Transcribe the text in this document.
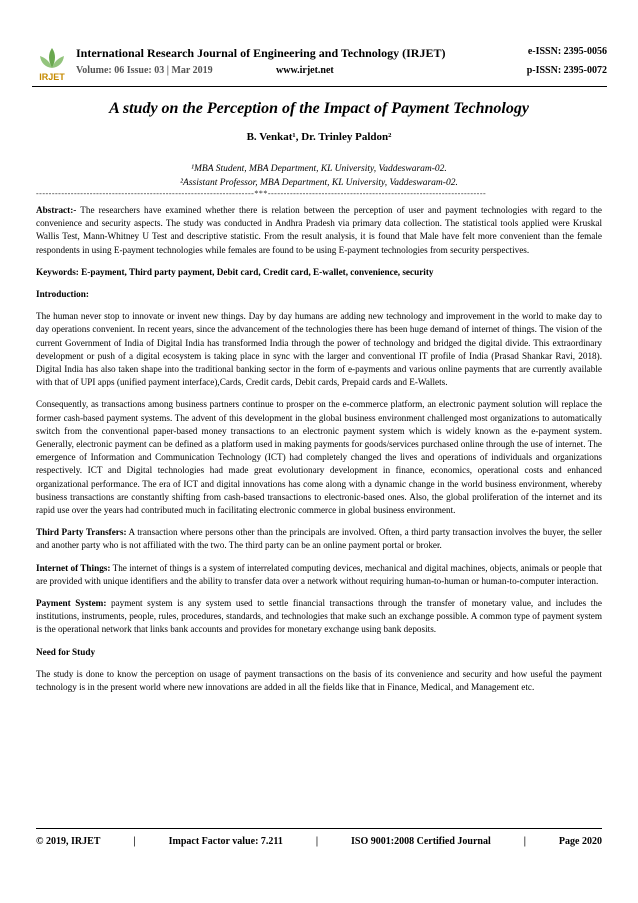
IRJET
International Research Journal of Engineering and Technology (IRJET)	e-ISSN: 2395-0056
Volume: 06 Issue: 03 | Mar 2019	www.irjet.net	p-ISSN: 2395-0072
A study on the Perception of the Impact of Payment Technology
B. Venkat¹, Dr. Trinley Paldon²
¹MBA Student, MBA Department, KL University, Vaddeswaram-02.
²Assistant Professor, MBA Department, KL University, Vaddeswaram-02.
---------------------------------------------------------------------***---------------------------------------------------------------------

Abstract:- The researchers have examined whether there is relation between the perception of user and payment technologies with regard to the convenience and security aspects. The study was conducted in Andhra Pradesh via primary data collection. The statistical tools applied were Kruskal Wallis Test, Mann-Whitney U Test and descriptive statistic. From the result analysis, it is found that Male have felt more convenient than the female respondents in using E-payment technologies while females are found to be using E-payment technologies from security perspectives.

Keywords: E-payment, Third party payment, Debit card, Credit card, E-wallet, convenience, security

Introduction:

The human never stop to innovate or invent new things. Day by day humans are adding new technology and improvement in the world to make day to day operations convenient. In recent years, since the advancement of the technologies there has been huge demand of internet of things. The vision of the current Government of India of Digital India has transformed India through the power of technology and bridged the digital divide. This extraordinary development or push of a digital ecosystem is taking place in sync with the larger and conventional IT profile of India (Prasad Shankar Ravi, 2018). Digital India has also taken shape into the traditional banking sector in the form of e-payments and various online payments that are currently available with that of UPI apps (unified payment interface),Cards, Credit cards, Debit cards, Prepaid cards and E-Wallets.

Consequently, as transactions among business partners continue to prosper on the e-commerce platform, an electronic payment solution will replace the former cash-based payment systems. The advent of this development in the global business environment challenged most organizations to automatically switch from the conventional paper-based money transactions to an electronic payment system which is widely known as the e-payment system. Generally, electronic payment can be defined as a platform used in making payments for goods/services purchased online through the use of internet. The emergence of Information and Communication Technology (ICT) had completely changed the lives and operations of individuals and organizations respectively. ICT and Digital technologies had made great evolutionary development in finance, economics, operational costs and enhanced organizational performance. The era of ICT and digital innovations has come along with a dynamic change in the world business environment, whereby business transactions are constantly shifting from cash-based transactions to electronic-based ones. Also, the global proliferation of the internet and its rapid use over the years had contributed much in facilitating electronic commerce in global business environment.

Third Party Transfers: A transaction where persons other than the principals are involved. Often, a third party transaction involves the buyer, the seller and another party who is not affiliated with the two. The third party can be an online payment portal or broker.

Internet of Things: The internet of things is a system of interrelated computing devices, mechanical and digital machines, objects, animals or people that are provided with unique identifiers and the ability to transfer data over a network without requiring human-to-human or human-to-computer interaction.

Payment System: payment system is any system used to settle financial transactions through the transfer of monetary value, and includes the institutions, instruments, people, rules, procedures, standards, and technologies that make such an exchange possible. A common type of payment system is the operational network that links bank accounts and provides for monetary exchange using bank deposits.

Need for Study

The study is done to know the perception on usage of payment transactions on the basis of its convenience and security and how useful the payment technology is in the present world where new innovations are added in all the fields like that in Finance, Medical, and Management etc.

© 2019, IRJET	|	Impact Factor value: 7.211	|	ISO 9001:2008 Certified Journal	|	Page 2020
